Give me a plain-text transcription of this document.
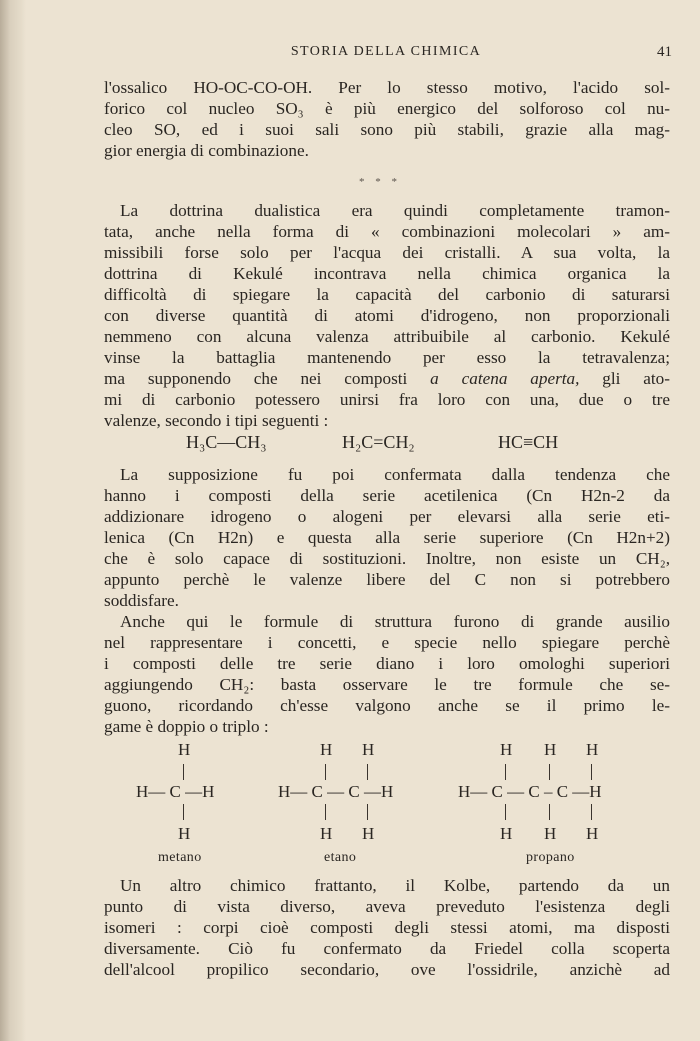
STORIA DELLA CHIMICA	41
l'ossalico HO-OC-CO-OH. Per lo stesso motivo, l'acido sol-
forico col nucleo SO₃ è più energico del solforoso col nu-
cleo SO, ed i suoi sali sono più stabili, grazie alla mag-
gior energia di combinazione.
* * *
La dottrina dualistica era quindi completamente tramon-
tata, anche nella forma di « combinazioni molecolari » am-
missibili forse solo per l'acqua dei cristalli. A sua volta, la
dottrina di Kekulé incontrava nella chimica organica la
difficoltà di spiegare la capacità del carbonio di saturarsi
con diverse quantità di atomi d'idrogeno, non proporzionali
nemmeno con alcuna valenza attribuibile al carbonio. Kekulé
vinse la battaglia mantenendo per esso la tetravalenza;
ma supponendo che nei composti a catena aperta, gli ato-
mi di carbonio potessero unirsi fra loro con una, due o tre
valenze, secondo i tipi seguenti :
H₃C—CH₃	H₂C=CH₂	HC≡CH
La supposizione fu poi confermata dalla tendenza che
hanno i composti della serie acetilenica (Cn H2n-2 da
addizionare idrogeno o alogeni per elevarsi alla serie eti-
lenica (Cn H2n) e questa alla serie superiore (Cn H2n+2)
che è solo capace di sostituzioni. Inoltre, non esiste un CH₂,
appunto perchè le valenze libere del C non si potrebbero
soddisfare.
Anche qui le formule di struttura furono di grande ausilio
nel rappresentare i concetti, e specie nello spiegare perchè
i composti delle tre serie diano i loro omologhi superiori
aggiungendo CH₂: basta osservare le tre formule che se-
guono, ricordando ch'esse valgono anche se il primo le-
game è doppio o triplo :
H
H— C —H
H
metano
H H
H— C — C —H
H H
etano
H H H
H— C — C – C —H
H H H
propano
Un altro chimico frattanto, il Kolbe, partendo da un
punto di vista diverso, aveva preveduto l'esistenza degli
isomeri : corpi cioè composti degli stessi atomi, ma disposti
diversamente. Ciò fu confermato da Friedel colla scoperta
dell'alcool propilico secondario, ove l'ossidrile, anzichè ad
